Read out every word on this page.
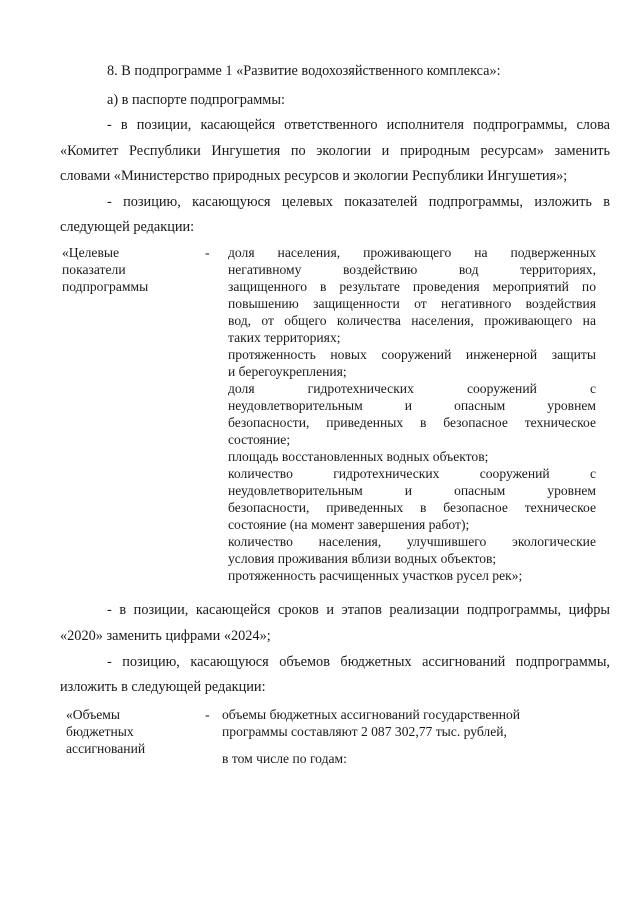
8. В подпрограмме 1 «Развитие водохозяйственного комплекса»:
а) в паспорте подпрограммы:
- в позиции, касающейся ответственного исполнителя подпрограммы, слова
«Комитет Республики Ингушетия по экологии и природным ресурсам» заменить
словами «Министерство природных ресурсов и экологии Республики Ингушетия»;
- позицию, касающуюся целевых показателей подпрограммы, изложить в
следующей редакции:
«Целевые
показатели
подпрограммы
- доля населения, проживающего на подверженных
негативному воздействию вод территориях,
защищенного в результате проведения мероприятий по
повышению защищенности от негативного воздействия
вод, от общего количества населения, проживающего на
таких территориях;
протяженность новых сооружений инженерной защиты
и берегоукрепления;
доля гидротехнических сооружений с
неудовлетворительным и опасным уровнем
безопасности, приведенных в безопасное техническое
состояние;
площадь восстановленных водных объектов;
количество гидротехнических сооружений с
неудовлетворительным и опасным уровнем
безопасности, приведенных в безопасное техническое
состояние (на момент завершения работ);
количество населения, улучшившего экологические
условия проживания вблизи водных объектов;
протяженность расчищенных участков русел рек»;
- в позиции, касающейся сроков и этапов реализации подпрограммы, цифры
«2020» заменить цифрами «2024»;
- позицию, касающуюся объемов бюджетных ассигнований подпрограммы,
изложить в следующей редакции:
«Объемы
бюджетных
ассигнований
- объемы бюджетных ассигнований государственной
программы составляют 2 087 302,77 тыс. рублей,
в том числе по годам:
